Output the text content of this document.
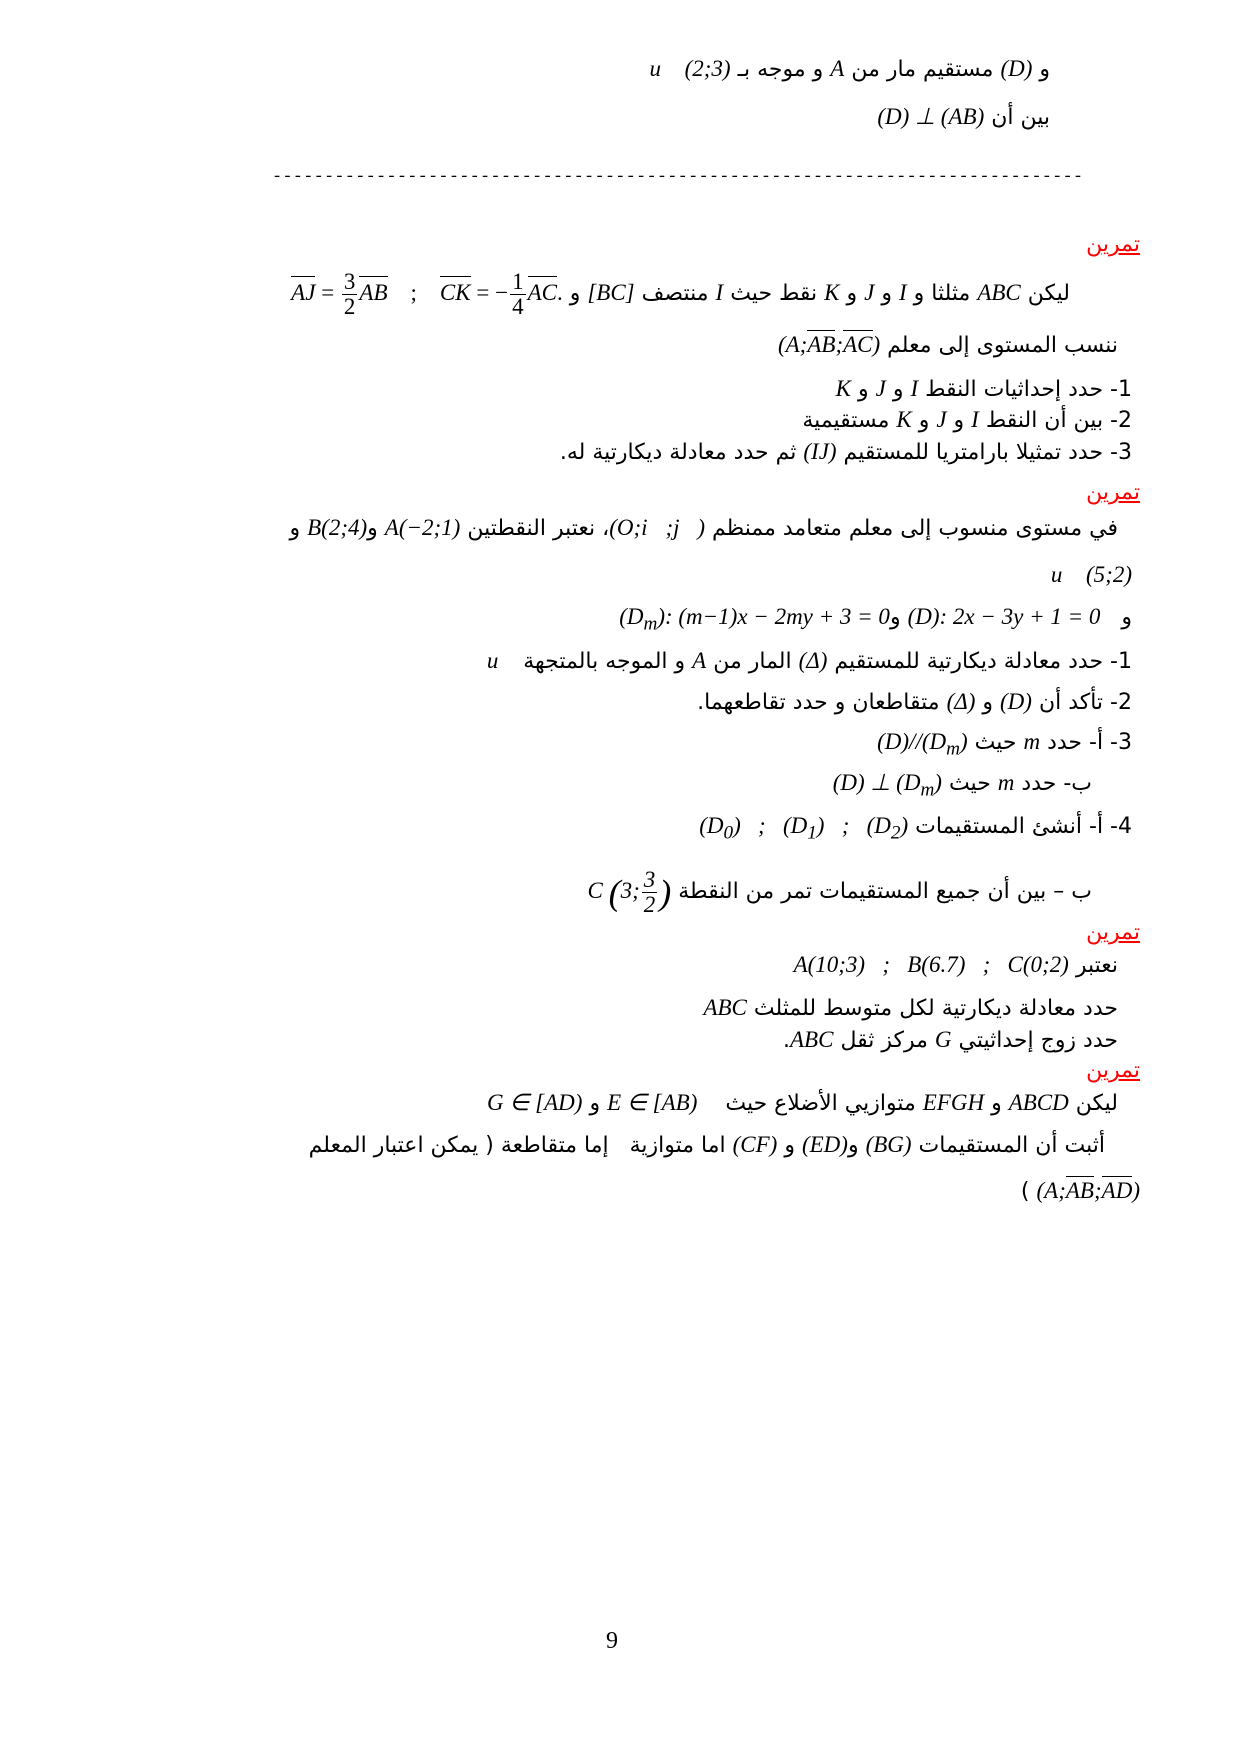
و (D) مستقيم مار من A و موجه بـ u⃗ (2;3)
بين أن (D) ⊥ (AB)
------------------------------------------------------------------------------
تمرين
ليكن ABC مثلثا و I و J و K نقط حيث I منتصف [BC] و AJ = $\frac{3}{2}$ AB    ;    CK = − $\frac{1}{4}$ AC.
ننسب المستوى إلى معلم (A;AB;AC)
1- حدد إحداثيات النقط I و J و K
2- بين أن النقط I و J و K مستقيمية
3- حدد تمثيلا بارامتريا للمستقيم (IJ) ثم حدد معادلة ديكارتية له.
تمرين
في مستوى منسوب إلى معلم متعامد ممنظم (O;i⃗;j⃗)، نعتبر النقطتين A(−2;1) وB(2;4) و
u⃗ (5;2)
و   (D): 2x − 3y + 1 = 0 $و(D_m)$: (m−1)x − 2my + 3 = 0
1- حدد معادلة ديكارتية للمستقيم (Δ) المار من A و الموجه بالمتجهة u⃗
2- تأكد أن (D) و (Δ) متقاطعان و حدد تقاطعهما.
3- أ- حدد m حيث $(D)//(D_m)$
ب- حدد m حيث (D) ⊥ $(D_m)$
4- أ- أنشئ المستقيمات $(D_0)$   ;   $(D_1)$   ;   $(D_2)$
ب – بين أن جميع المستقيمات تمر من النقطة C (3; $\frac{3}{2}$ )
تمرين
نعتبر A(10;3)   ;   B(6.7)   ;   C(0;2)
حدد معادلة ديكارتية لكل متوسط للمثلث ABC
حدد زوج إحداثيتي G مركز ثقل ABC.
تمرين
ليكن ABCD و EFGH متوازيي الأضلاع حيث    E ∈ [AB) و G ∈ [AD)
أثبت أن المستقيمات (BG) و(ED) و (CF) اما متوازية   إما متقاطعة ( يمكن اعتبار المعلم
(A;AB;AD) )
9
